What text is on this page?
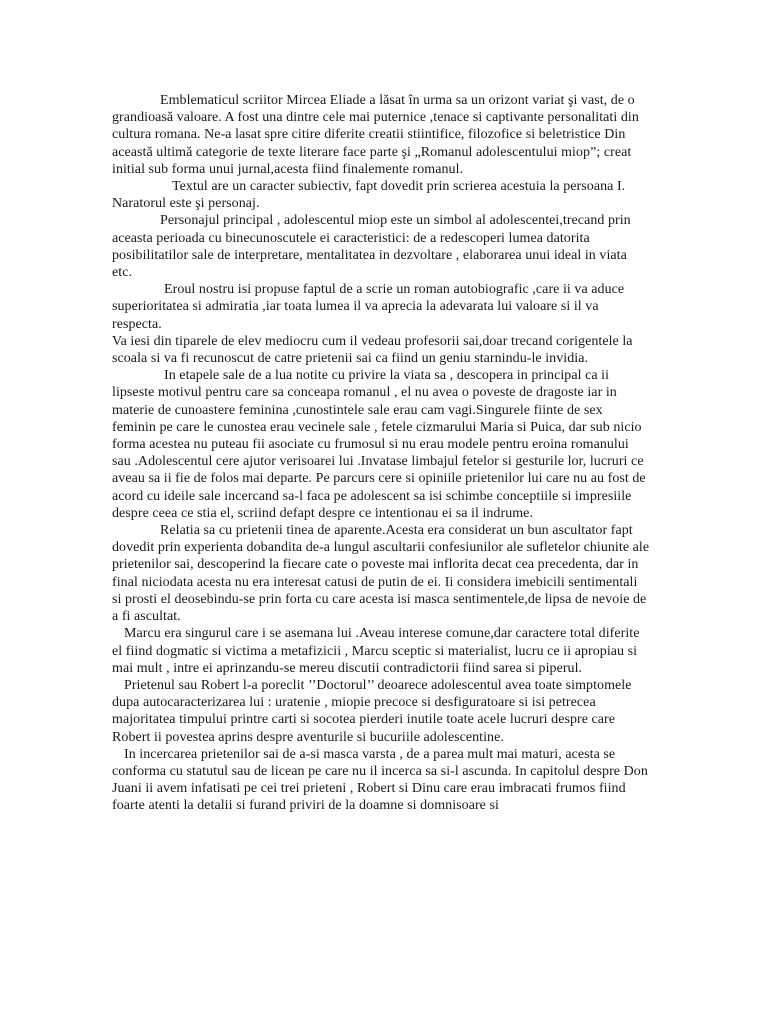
Emblematicul scriitor Mircea Eliade a lăsat în urma sa un orizont variat şi vast, de o grandioasă valoare. A fost una dintre cele mai puternice ,tenace si captivante personalitati din cultura romana. Ne-a lasat spre citire diferite creatii stiintifice, filozofice si beletristice Din această ultimă categorie de texte literare face parte şi „Romanul adolescentului miop”; creat initial sub forma unui jurnal,acesta fiind finalemente romanul.

Textul are un caracter subiectiv, fapt dovedit prin scrierea acestuia la persoana I. Naratorul este şi personaj.

Personajul principal , adolescentul miop este un simbol al adolescentei,trecand prin aceasta perioada cu binecunoscutele ei caracteristici: de a redescoperi lumea datorita posibilitatilor sale de interpretare, mentalitatea in dezvoltare , elaborarea unui ideal in viata etc.

Eroul nostru isi propuse faptul de a scrie un roman autobiografic ,care ii va aduce superioritatea si admiratia ,iar toata lumea il va aprecia la adevarata lui valoare si il va respecta.

Va iesi din tiparele de elev mediocru cum il vedeau profesorii sai,doar trecand corigentele la scoala si va fi recunoscut de catre prietenii sai ca fiind un geniu starnindu-le invidia.

In etapele sale de a lua notite cu privire la viata sa , descopera in principal ca ii lipseste motivul pentru care sa conceapa romanul , el nu avea o poveste de dragoste iar in materie de cunoastere feminina ,cunostintele sale erau cam vagi.Singurele fiinte de sex feminin pe care le cunostea erau vecinele sale , fetele cizmarului Maria si Puica, dar sub nicio forma acestea nu puteau fii asociate cu frumosul si nu erau modele pentru eroina romanului sau .Adolescentul cere ajutor verisoarei lui .Invatase limbajul fetelor si gesturile lor, lucruri ce aveau sa ii fie de folos mai departe. Pe parcurs cere si opiniile prietenilor lui care nu au fost de acord cu ideile sale incercand sa-l faca pe adolescent sa isi schimbe conceptiile si impresiile despre ceea ce stia el, scriind defapt despre ce intentionau ei sa il indrume.

Relatia sa cu prietenii tinea de aparente.Acesta era considerat un bun ascultator fapt dovedit prin experienta dobandita de-a lungul ascultarii confesiunilor ale sufletelor chiunite ale prietenilor sai, descoperind la fiecare cate o poveste mai inflorita decat cea precedenta, dar in final niciodata acesta nu era interesat catusi de putin de ei. Ii considera imebicili sentimentali si prosti el deosebindu-se prin forta cu care acesta isi masca sentimentele,de lipsa de nevoie de a fi ascultat.

Marcu era singurul care i se asemana lui .Aveau interese comune,dar caractere total diferite el fiind dogmatic si victima a metafizicii , Marcu sceptic si materialist, lucru ce ii apropiau si mai mult , intre ei aprinzandu-se mereu discutii contradictorii fiind sarea si piperul.

Prietenul sau Robert l-a poreclit ’’Doctorul’’ deoarece adolescentul avea toate simptomele dupa autocaracterizarea lui : uratenie , miopie precoce si desfiguratoare si isi petrecea majoritatea timpului printre carti si socotea pierderi inutile toate acele lucruri despre care Robert ii povestea aprins despre aventurile si bucuriile adolescentine.

In incercarea prietenilor sai de a-si masca varsta , de a parea mult mai maturi, acesta se conforma cu statutul sau de licean pe care nu il incerca sa si-l ascunda. In capitolul despre Don Juani ii avem infatisati pe cei trei prieteni , Robert si Dinu care erau imbracati frumos fiind foarte atenti la detalii si furand priviri de la doamne si domnisoare si
